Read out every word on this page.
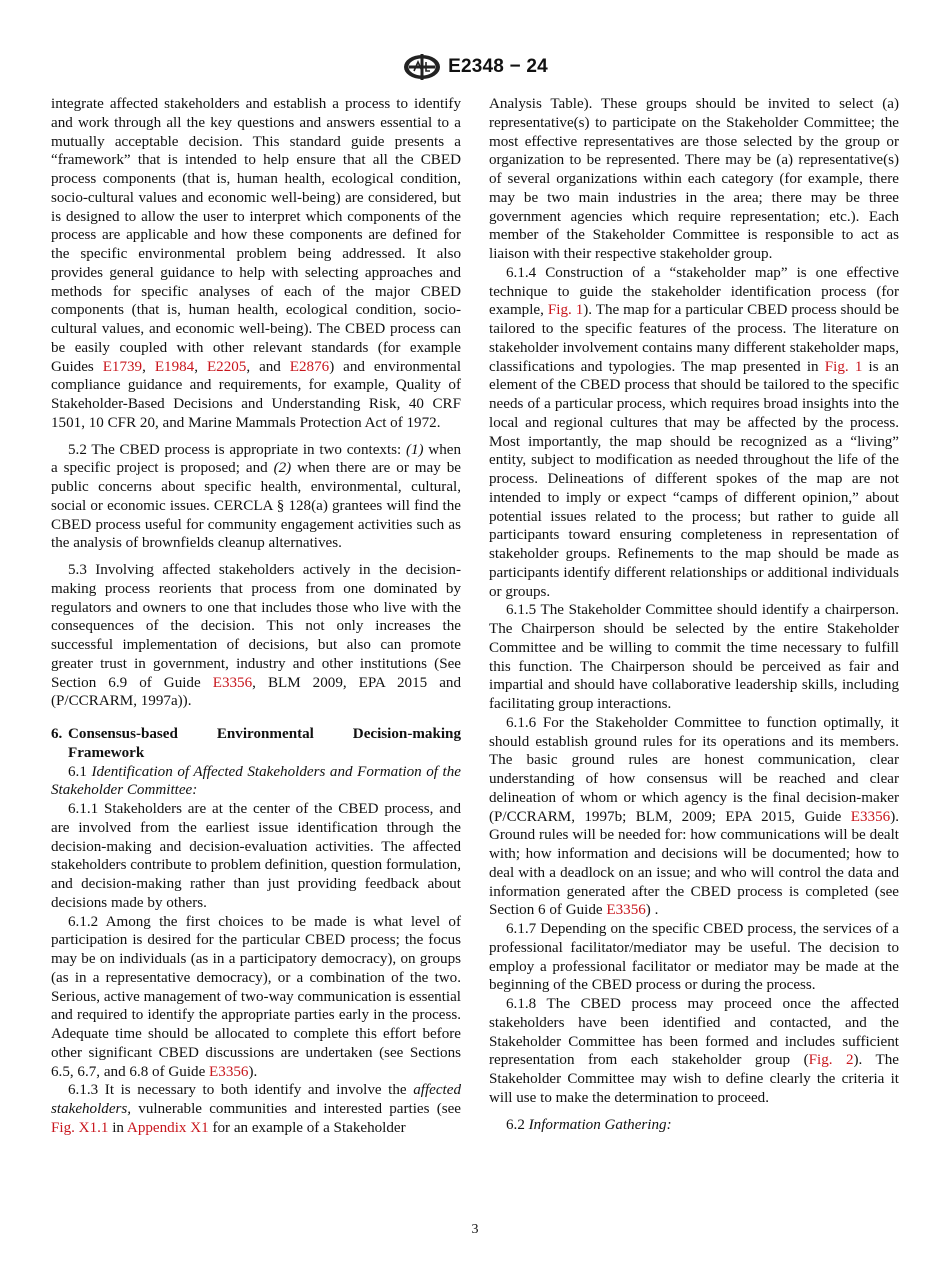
E2348 − 24

integrate affected stakeholders and establish a process to identify and work through all the key questions and answers essential to a mutually acceptable decision. This standard guide presents a “framework” that is intended to help ensure that all the CBED process components (that is, human health, ecological condition, socio-cultural values and economic well-being) are considered, but is designed to allow the user to interpret which components of the process are applicable and how these components are defined for the specific environmental problem being addressed. It also provides general guidance to help with selecting approaches and methods for specific analyses of each of the major CBED components (that is, human health, ecological condition, socio-cultural values, and economic well-being). The CBED process can be easily coupled with other relevant standards (for example Guides E1739, E1984, E2205, and E2876) and environmental compliance guidance and requirements, for example, Quality of Stakeholder-Based Decisions and Understanding Risk, 40 CRF 1501, 10 CFR 20, and Marine Mammals Protection Act of 1972.

5.2 The CBED process is appropriate in two contexts: (1) when a specific project is proposed; and (2) when there are or may be public concerns about specific health, environmental, cultural, social or economic issues. CERCLA § 128(a) grantees will find the CBED process useful for community engagement activities such as the analysis of brownfields cleanup alternatives.

5.3 Involving affected stakeholders actively in the decision-making process reorients that process from one dominated by regulators and owners to one that includes those who live with the consequences of the decision. This not only increases the successful implementation of decisions, but also can promote greater trust in government, industry and other institutions (See Section 6.9 of Guide E3356, BLM 2009, EPA 2015 and (P/CCRARM, 1997a)).

6. Consensus-based Environmental Decision-making Framework

6.1 Identification of Affected Stakeholders and Formation of the Stakeholder Committee:

6.1.1 Stakeholders are at the center of the CBED process, and are involved from the earliest issue identification through the decision-making and decision-evaluation activities. The affected stakeholders contribute to problem definition, question formulation, and decision-making rather than just providing feedback about decisions made by others.

6.1.2 Among the first choices to be made is what level of participation is desired for the particular CBED process; the focus may be on individuals (as in a participatory democracy), on groups (as in a representative democracy), or a combination of the two. Serious, active management of two-way communication is essential and required to identify the appropriate parties early in the process. Adequate time should be allocated to complete this effort before other significant CBED discussions are undertaken (see Sections 6.5, 6.7, and 6.8 of Guide E3356).

6.1.3 It is necessary to both identify and involve the affected stakeholders, vulnerable communities and interested parties (see Fig. X1.1 in Appendix X1 for an example of a Stakeholder

Analysis Table). These groups should be invited to select (a) representative(s) to participate on the Stakeholder Committee; the most effective representatives are those selected by the group or organization to be represented. There may be (a) representative(s) of several organizations within each category (for example, there may be two main industries in the area; there may be three government agencies which require representation; etc.). Each member of the Stakeholder Committee is responsible to act as liaison with their respective stakeholder group.

6.1.4 Construction of a “stakeholder map” is one effective technique to guide the stakeholder identification process (for example, Fig. 1). The map for a particular CBED process should be tailored to the specific features of the process. The literature on stakeholder involvement contains many different stakeholder maps, classifications and typologies. The map presented in Fig. 1 is an element of the CBED process that should be tailored to the specific needs of a particular process, which requires broad insights into the local and regional cultures that may be affected by the process. Most importantly, the map should be recognized as a “living” entity, subject to modification as needed throughout the life of the process. Delineations of different spokes of the map are not intended to imply or expect “camps of different opinion,” about potential issues related to the process; but rather to guide all participants toward ensuring completeness in representation of stakeholder groups. Refinements to the map should be made as participants identify different relationships or additional individuals or groups.

6.1.5 The Stakeholder Committee should identify a chairperson. The Chairperson should be selected by the entire Stakeholder Committee and be willing to commit the time necessary to fulfill this function. The Chairperson should be perceived as fair and impartial and should have collaborative leadership skills, including facilitating group interactions.

6.1.6 For the Stakeholder Committee to function optimally, it should establish ground rules for its operations and its members. The basic ground rules are honest communication, clear understanding of how consensus will be reached and clear delineation of whom or which agency is the final decision-maker (P/CCRARM, 1997b; BLM, 2009; EPA 2015, Guide E3356). Ground rules will be needed for: how communications will be dealt with; how information and decisions will be documented; how to deal with a deadlock on an issue; and who will control the data and information generated after the CBED process is completed (see Section 6 of Guide E3356) .

6.1.7 Depending on the specific CBED process, the services of a professional facilitator/mediator may be useful. The decision to employ a professional facilitator or mediator may be made at the beginning of the CBED process or during the process.

6.1.8 The CBED process may proceed once the affected stakeholders have been identified and contacted, and the Stakeholder Committee has been formed and includes sufficient representation from each stakeholder group (Fig. 2). The Stakeholder Committee may wish to define clearly the criteria it will use to make the determination to proceed.

6.2 Information Gathering:

3
